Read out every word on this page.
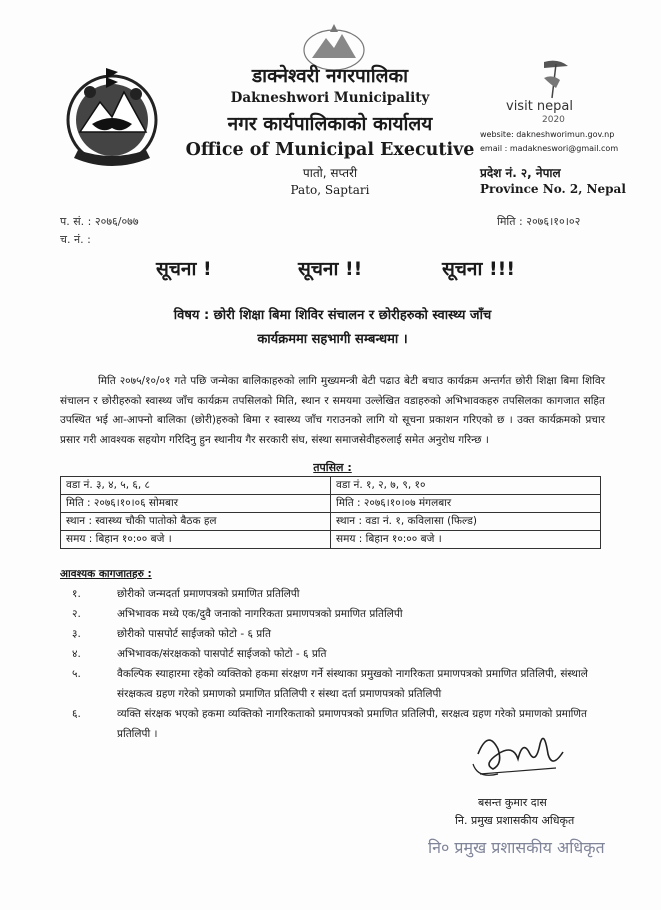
visit nepal
2020
डाक्नेश्वरी नगरपालिका
Dakneshwori Municipality
नगर कार्यपालिकाको कार्यालय
Office of Municipal Executive
पातो, सप्तरी
Pato, Saptari
website: dakneshworimun.gov.np
email : madakneswori@gmail.com
प्रदेश नं. २, नेपाल
Province No. 2, Nepal
प. सं. : २०७६/०७७
च. नं. :
मिति : २०७६।१०।०२
सूचना !	सूचना !!	सूचना !!!
विषय : छोरी शिक्षा बिमा शिविर संचालन र छोरीहरुको स्वास्थ्य जाँच
कार्यक्रममा सहभागी सम्बन्धमा ।
मिति २०७५/१०/०१ गते पछि जन्मेका बालिकाहरुको लागि मुख्यमन्त्री बेटी पढाउ बेटी बचाउ कार्यक्रम अन्तर्गत छोरी शिक्षा बिमा शिविर संचालन र छोरीहरुको स्वास्थ्य जाँच कार्यक्रम तपसिलको मिति, स्थान र समयमा उल्लेखित वडाहरुको अभिभावकहरु तपसिलका कागजात सहित उपस्थित भई आ-आफ्नो बालिका (छोरी)हरुको बिमा र स्वास्थ्य जाँच गराउनको लागि यो सूचना प्रकाशन गरिएको छ । उक्त कार्यक्रमको प्रचार प्रसार गरी आवश्यक सहयोग गरिदिनु हुन स्थानीय गैर सरकारी संघ, संस्था समाजसेवीहरुलाई समेत अनुरोध गरिन्छ ।
तपसिल :
वडा नं. ३, ४, ५, ६, ८	वडा नं. १, २, ७, ९, १०
मिति : २०७६।१०।०६ सोमबार	मिति : २०७६।१०।०७ मंगलबार
स्थान : स्वास्थ्य चौकी पातोको बैठक हल	स्थान : वडा नं. १, कविलासा (फिल्ड)
समय : बिहान १०:०० बजे ।	समय : बिहान १०:०० बजे ।
आवश्यक कागजातहरु :
१.	छोरीको जन्मदर्ता प्रमाणपत्रको प्रमाणित प्रतिलिपी
२.	अभिभावक मध्ये एक/दुवै जनाको नागरिकता प्रमाणपत्रको प्रमाणित प्रतिलिपी
३.	छोरीको पासपोर्ट साईजको फोटो - ६ प्रति
४.	अभिभावक/संरक्षकको पासपोर्ट साईजको फोटो - ६ प्रति
५.	वैकल्पिक स्याहारमा रहेको व्यक्तिको हकमा संरक्षण गर्ने संस्थाका प्रमुखको नागरिकता प्रमाणपत्रको प्रमाणित प्रतिलिपी, संस्थाले संरक्षकत्व ग्रहण गरेको प्रमाणको प्रमाणित प्रतिलिपी र संस्था दर्ता प्रमाणपत्रको प्रतिलिपी
६.	व्यक्ति संरक्षक भएको हकमा व्यक्तिको नागरिकताको प्रमाणपत्रको प्रमाणित प्रतिलिपी, सरक्षत्व ग्रहण गरेको प्रमाणको प्रमाणित प्रतिलिपी ।
बसन्त कुमार दास
नि. प्रमुख प्रशासकीय अधिकृत
नि० प्रमुख प्रशासकीय अधिकृत
